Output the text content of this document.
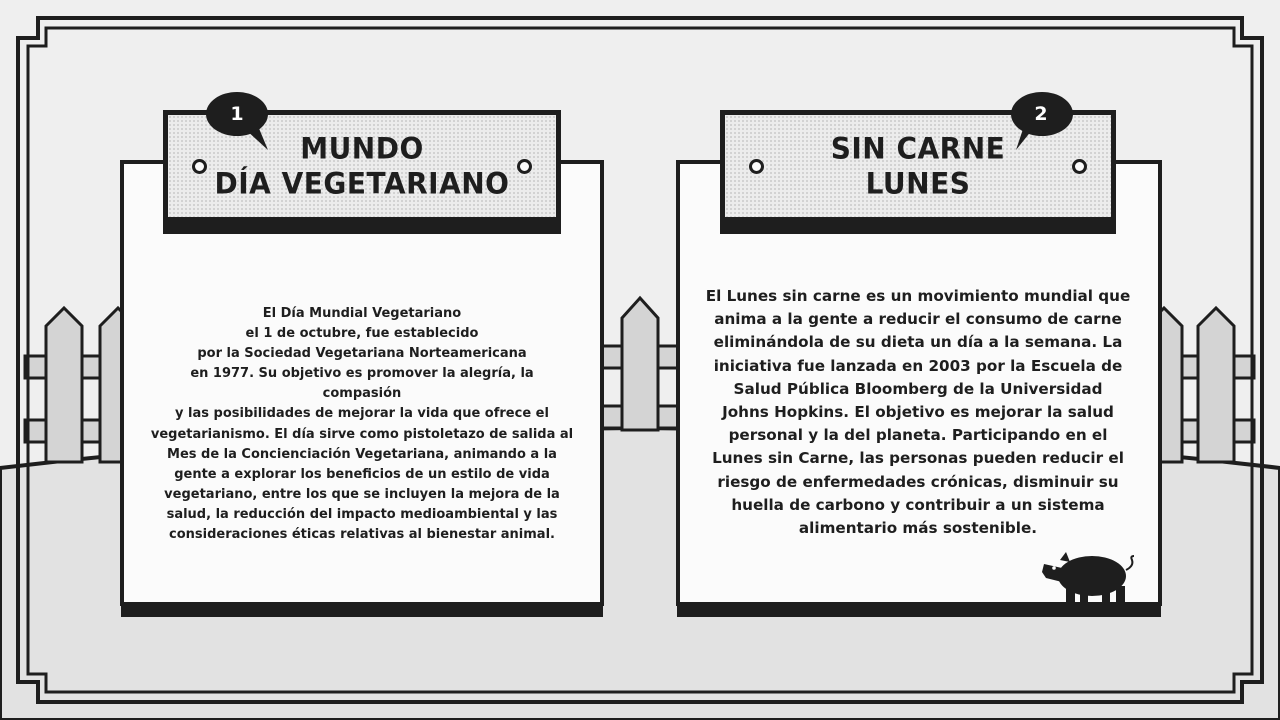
MUNDO
DÍA VEGETARIANO
1
El Día Mundial Vegetariano
el 1 de octubre, fue establecido
por la Sociedad Vegetariana Norteamericana
en 1977. Su objetivo es promover la alegría, la compasión
y las posibilidades de mejorar la vida que ofrece el
vegetarianismo. El día sirve como pistoletazo de salida al
Mes de la Concienciación Vegetariana, animando a la
gente a explorar los beneficios de un estilo de vida
vegetariano, entre los que se incluyen la mejora de la
salud, la reducción del impacto medioambiental y las
consideraciones éticas relativas al bienestar animal.
SIN CARNE
LUNES
2
El Lunes sin carne es un movimiento mundial que
anima a la gente a reducir el consumo de carne
eliminándola de su dieta un día a la semana. La
iniciativa fue lanzada en 2003 por la Escuela de
Salud Pública Bloomberg de la Universidad
Johns Hopkins. El objetivo es mejorar la salud
personal y la del planeta. Participando en el
Lunes sin Carne, las personas pueden reducir el
riesgo de enfermedades crónicas, disminuir su
huella de carbono y contribuir a un sistema
alimentario más sostenible.
